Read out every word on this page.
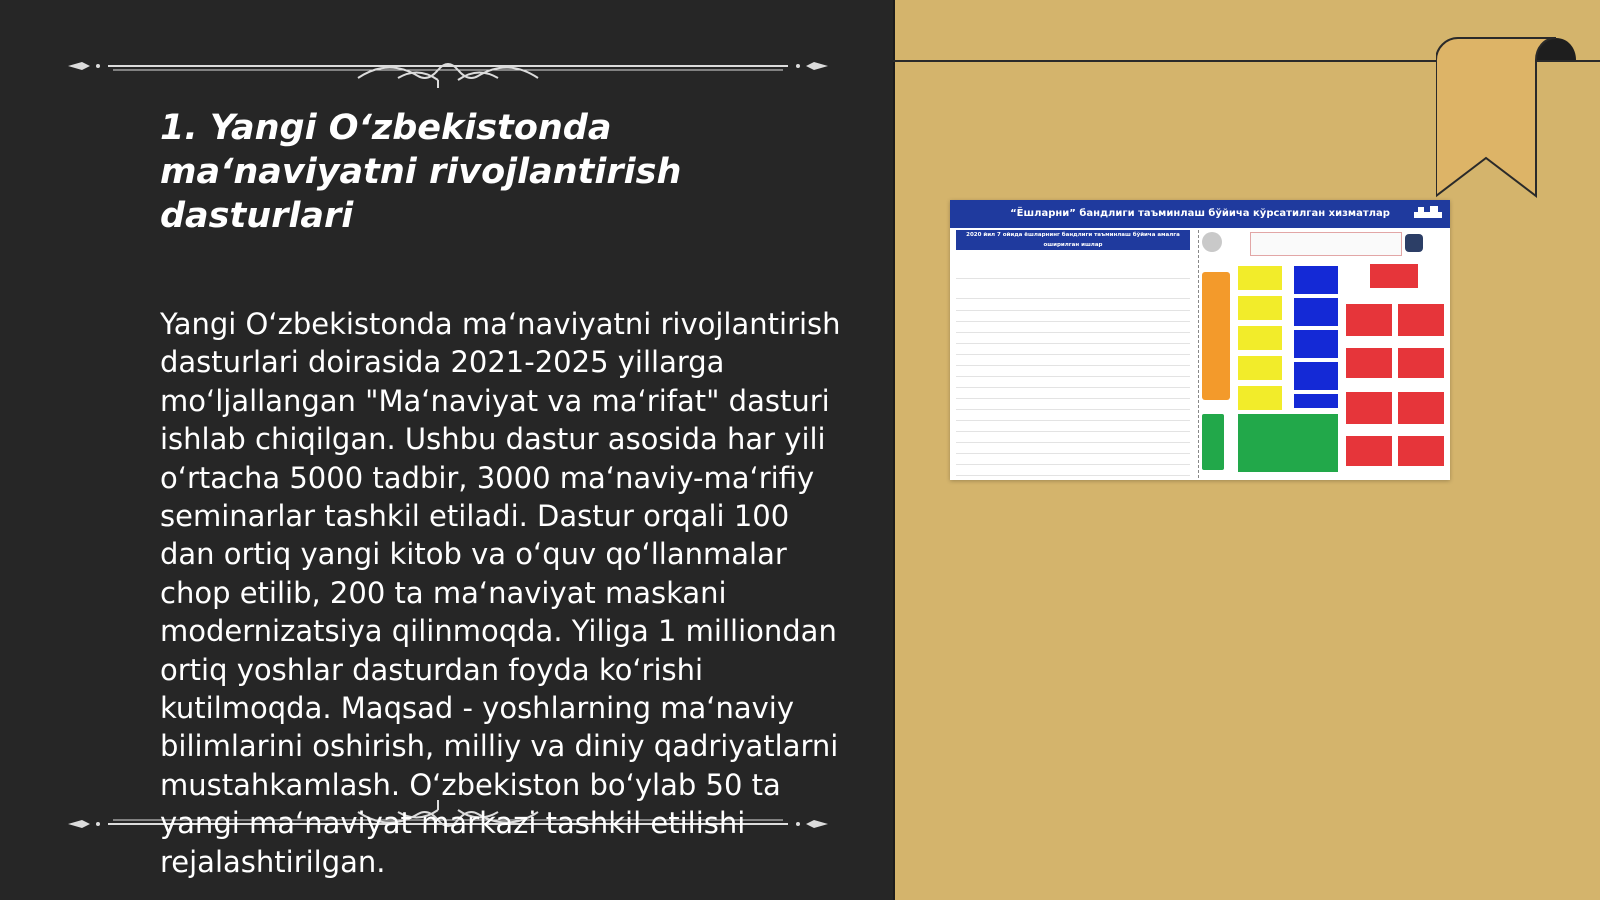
1. Yangi O‘zbekistonda ma‘naviyatni rivojlantirish dasturlari

Yangi O‘zbekistonda ma‘naviyatni rivojlantirish dasturlari doirasida 2021-2025 yillarga mo‘ljallangan "Ma‘naviyat va ma‘rifat" dasturi ishlab chiqilgan. Ushbu dastur asosida har yili o‘rtacha 5000 tadbir, 3000 ma‘naviy-ma‘rifiy seminarlar tashkil etiladi. Dastur orqali 100 dan ortiq yangi kitob va o‘quv qo‘llanmalar chop etilib, 200 ta ma‘naviyat maskani modernizatsiya qilinmoqda. Yiliga 1 milliondan ortiq yoshlar dasturdan foyda ko‘rishi kutilmoqda. Maqsad - yoshlarning ma‘naviy bilimlarini oshirish, milliy va diniy qadriyatlarni mustahkamlash. O‘zbekiston bo‘ylab 50 ta yangi ma‘naviyat markazi tashkil etilishi rejalashtirilgan.

“Ёшларни” бандлиги таъминлаш бўйича кўрсатилган хизматлар
2020 йил 7 ойида ёшларнинг бандлиги таъминлаш бўйича амалга оширилган ишлар
